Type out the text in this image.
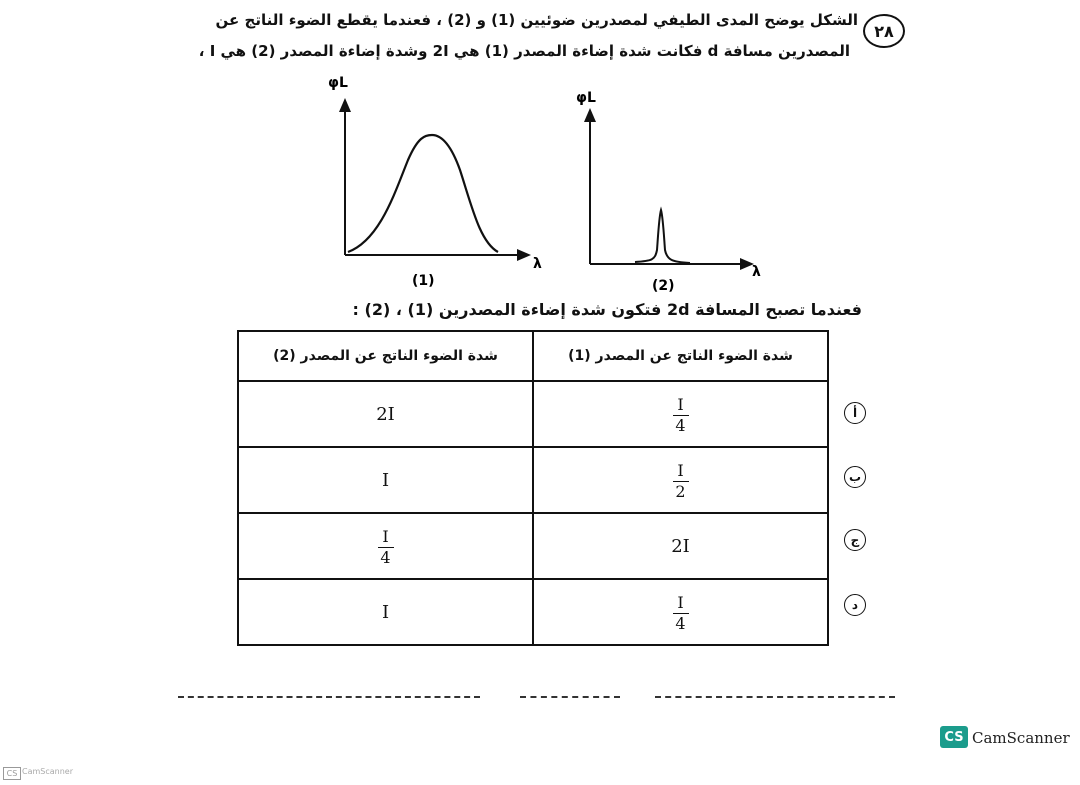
٢٨
الشكل يوضح المدى الطيفي لمصدرين ضوئيين (1) و (2) ، فعندما يقطع الضوء الناتج عن
المصدرين مسافة d فكانت شدة إضاءة المصدر (1) هي 2I وشدة إضاءة المصدر (2) هي I ،
φL
λ
(1)
φL
λ
(2)
فعندما تصبح المسافة 2d فتكون شدة إضاءة المصدرين (1) ، (2) :
شدة الضوء الناتج عن المصدر (2)	شدة الضوء الناتج عن المصدر (1)
2I	$\frac{I}{4}$

I	$\frac{I}{2}$

$\frac{I}{4}$	2I
I	$\frac{I}{4}$
أ
ب
ج
د
CS CamScanner
CS CamScanner
